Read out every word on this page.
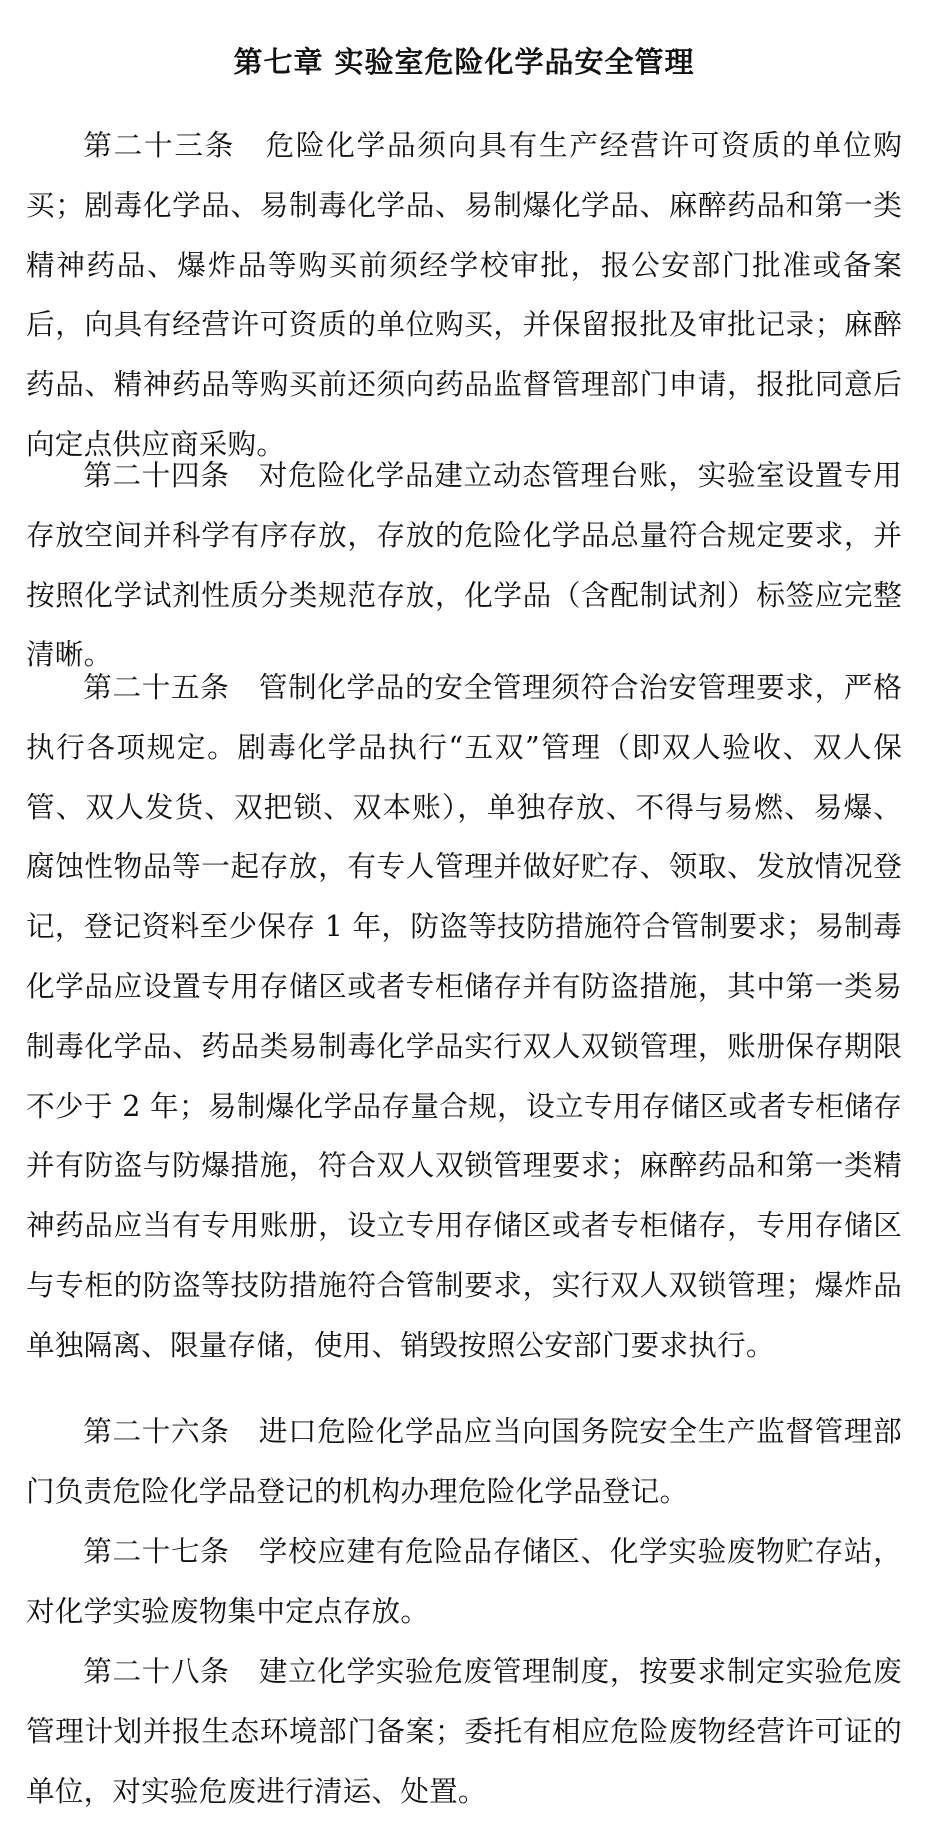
第七章 实验室危险化学品安全管理

第二十三条  危险化学品须向具有生产经营许可资质的单位购买；剧毒化学品、易制毒化学品、易制爆化学品、麻醉药品和第一类精神药品、爆炸品等购买前须经学校审批，报公安部门批准或备案后，向具有经营许可资质的单位购买，并保留报批及审批记录；麻醉药品、精神药品等购买前还须向药品监督管理部门申请，报批同意后向定点供应商采购。

第二十四条  对危险化学品建立动态管理台账，实验室设置专用存放空间并科学有序存放，存放的危险化学品总量符合规定要求，并按照化学试剂性质分类规范存放，化学品（含配制试剂）标签应完整清晰。

第二十五条  管制化学品的安全管理须符合治安管理要求，严格执行各项规定。剧毒化学品执行“五双”管理（即双人验收、双人保管、双人发货、双把锁、双本账），单独存放、不得与易燃、易爆、腐蚀性物品等一起存放，有专人管理并做好贮存、领取、发放情况登记，登记资料至少保存 1 年，防盗等技防措施符合管制要求；易制毒化学品应设置专用存储区或者专柜储存并有防盗措施，其中第一类易制毒化学品、药品类易制毒化学品实行双人双锁管理，账册保存期限不少于 2 年；易制爆化学品存量合规，设立专用存储区或者专柜储存并有防盗与防爆措施，符合双人双锁管理要求；麻醉药品和第一类精神药品应当有专用账册，设立专用存储区或者专柜储存，专用存储区与专柜的防盗等技防措施符合管制要求，实行双人双锁管理；爆炸品单独隔离、限量存储，使用、销毁按照公安部门要求执行。

第二十六条  进口危险化学品应当向国务院安全生产监督管理部门负责危险化学品登记的机构办理危险化学品登记。

第二十七条  学校应建有危险品存储区、化学实验废物贮存站，对化学实验废物集中定点存放。

第二十八条  建立化学实验危废管理制度，按要求制定实验危废管理计划并报生态环境部门备案；委托有相应危险废物经营许可证的单位，对实验危废进行清运、处置。
